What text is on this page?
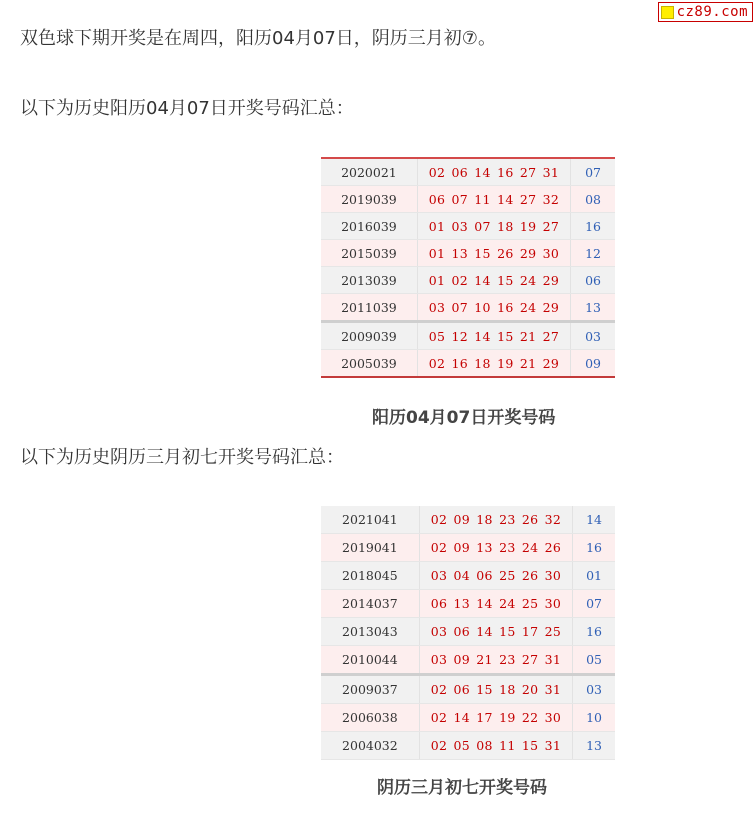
cz89.com
双色球下期开奖是在周四，阳历04月07日，阴历三月初⑦。
以下为历史阳历04月07日开奖号码汇总：
2020021	02 06 14 16 27 31	07
2019039	06 07 11 14 27 32	08
2016039	01 03 07 18 19 27	16
2015039	01 13 15 26 29 30	12
2013039	01 02 14 15 24 29	06
2011039	03 07 10 16 24 29	13
2009039	05 12 14 15 21 27	03
2005039	02 16 18 19 21 29	09
阳历04月07日开奖号码
以下为历史阴历三月初七开奖号码汇总：
2021041	02 09 18 23 26 32	14
2019041	02 09 13 23 24 26	16
2018045	03 04 06 25 26 30	01
2014037	06 13 14 24 25 30	07
2013043	03 06 14 15 17 25	16
2010044	03 09 21 23 27 31	05
2009037	02 06 15 18 20 31	03
2006038	02 14 17 19 22 30	10
2004032	02 05 08 11 15 31	13
阴历三月初七开奖号码
